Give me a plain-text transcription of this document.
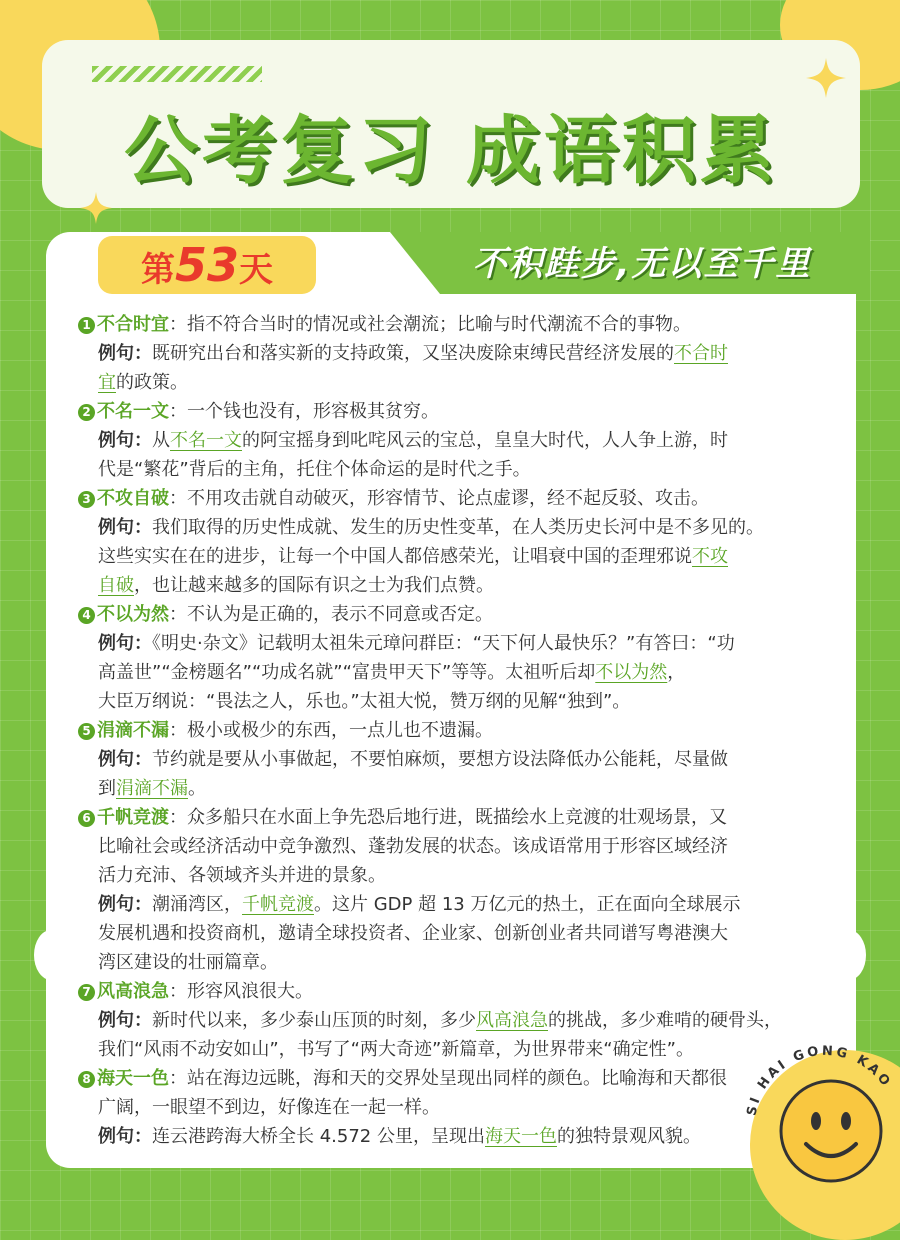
公考复习 成语积累
不积跬步,无以至千里
第53天
1 不合时宜：指不符合当时的情况或社会潮流；比喻与时代潮流不合的事物。
例句：既研究出台和落实新的支持政策，又坚决废除束缚民营经济发展的不合时
宜的政策。
2 不名一文：一个钱也没有，形容极其贫穷。
例句：从不名一文的阿宝摇身到叱咤风云的宝总，皇皇大时代，人人争上游，时
代是“繁花”背后的主角，托住个体命运的是时代之手。
3 不攻自破：不用攻击就自动破灭，形容情节、论点虚谬，经不起反驳、攻击。
例句：我们取得的历史性成就、发生的历史性变革，在人类历史长河中是不多见的。
这些实实在在的进步，让每一个中国人都倍感荣光，让唱衰中国的歪理邪说不攻
自破，也让越来越多的国际有识之士为我们点赞。
4 不以为然：不认为是正确的，表示不同意或否定。
例句：《明史·杂文》记载明太祖朱元璋问群臣：“天下何人最快乐？”有答曰：“功
高盖世”“金榜题名”“功成名就”“富贵甲天下”等等。太祖听后却不以为然，
大臣万纲说：“畏法之人，乐也。”太祖大悦，赞万纲的见解“独到”。
5 涓滴不漏：极小或极少的东西，一点儿也不遗漏。
例句：节约就是要从小事做起，不要怕麻烦，要想方设法降低办公能耗，尽量做
到涓滴不漏。
6 千帆竞渡：众多船只在水面上争先恐后地行进，既描绘水上竞渡的壮观场景，又
比喻社会或经济活动中竞争激烈、蓬勃发展的状态。该成语常用于形容区域经济
活力充沛、各领域齐头并进的景象。
例句：潮涌湾区，千帆竞渡。这片 GDP 超 13 万亿元的热土，正在面向全球展示
发展机遇和投资商机，邀请全球投资者、企业家、创新创业者共同谱写粤港澳大
湾区建设的壮丽篇章。
7 风高浪急：形容风浪很大。
例句：新时代以来，多少泰山压顶的时刻，多少风高浪急的挑战，多少难啃的硬骨头，
我们“风雨不动安如山”，书写了“两大奇迹”新篇章，为世界带来“确定性”。
8 海天一色：站在海边远眺，海和天的交界处呈现出同样的颜色。比喻海和天都很
广阔，一眼望不到边，好像连在一起一样。
例句：连云港跨海大桥全长 4.572 公里，呈现出海天一色的独特景观风貌。
SI HAI GONG KAO
